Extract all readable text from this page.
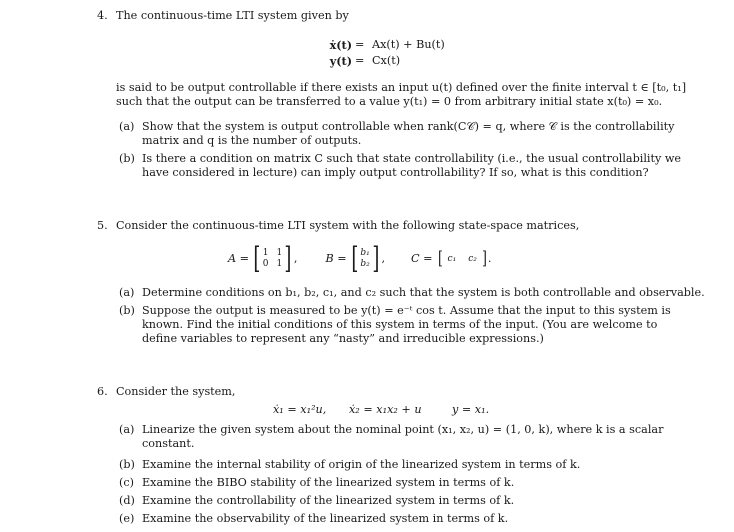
4. The continuous-time LTI system given by
ẋ(t) = Ax(t) + Bu(t)
y(t) = Cx(t)
is said to be output controllable if there exists an input u(t) defined over the finite interval t ∈ [t₀, t₁]
such that the output can be transferred to a value y(t₁) = 0 from arbitrary initial state x(t₀) = x₀.
(a) Show that the system is output controllable when rank(C𝒞) = q, where 𝒞 is the controllability
matrix and q is the number of outputs.
(b) Is there a condition on matrix C such that state controllability (i.e., the usual controllability we
have considered in lecture) can imply output controllability? If so, what is this condition?
5. Consider the continuous-time LTI system with the following state-space matrices,
A = [ 1 1
0 1 ] ,	B = [ b₁
b₂ ] , C = [ c₁ c₂ ] .
(a) Determine conditions on b₁, b₂, c₁, and c₂ such that the system is both controllable and observable.
(b) Suppose the output is measured to be y(t) = e⁻ᵗ cos t. Assume that the input to this system is
known. Find the initial conditions of this system in terms of the input. (You are welcome to
define variables to represent any “nasty” and irreducible expressions.)
6. Consider the system,
ẋ₁ = x₁²u, ẋ₂ = x₁x₂ + u	y = x₁.
(a) Linearize the given system about the nominal point (x₁, x₂, u) = (1, 0, k), where k is a scalar
constant.
(b) Examine the internal stability of origin of the linearized system in terms of k.
(c) Examine the BIBO stability of the linearized system in terms of k.
(d) Examine the controllability of the linearized system in terms of k.
(e) Examine the observability of the linearized system in terms of k.
